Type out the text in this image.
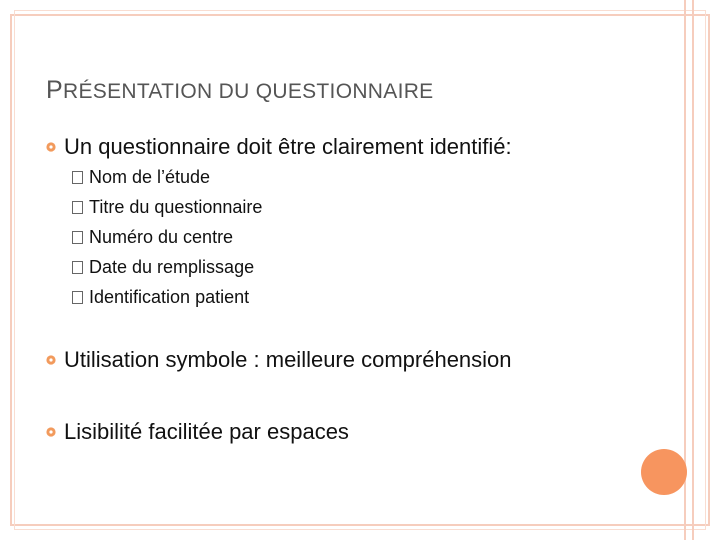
PRÉSENTATION DU QUESTIONNAIRE
Un questionnaire doit être clairement identifié:
Nom de l’étude
Titre du questionnaire
Numéro du centre
Date du remplissage
Identification patient
Utilisation symbole : meilleure compréhension
Lisibilité facilitée par espaces
